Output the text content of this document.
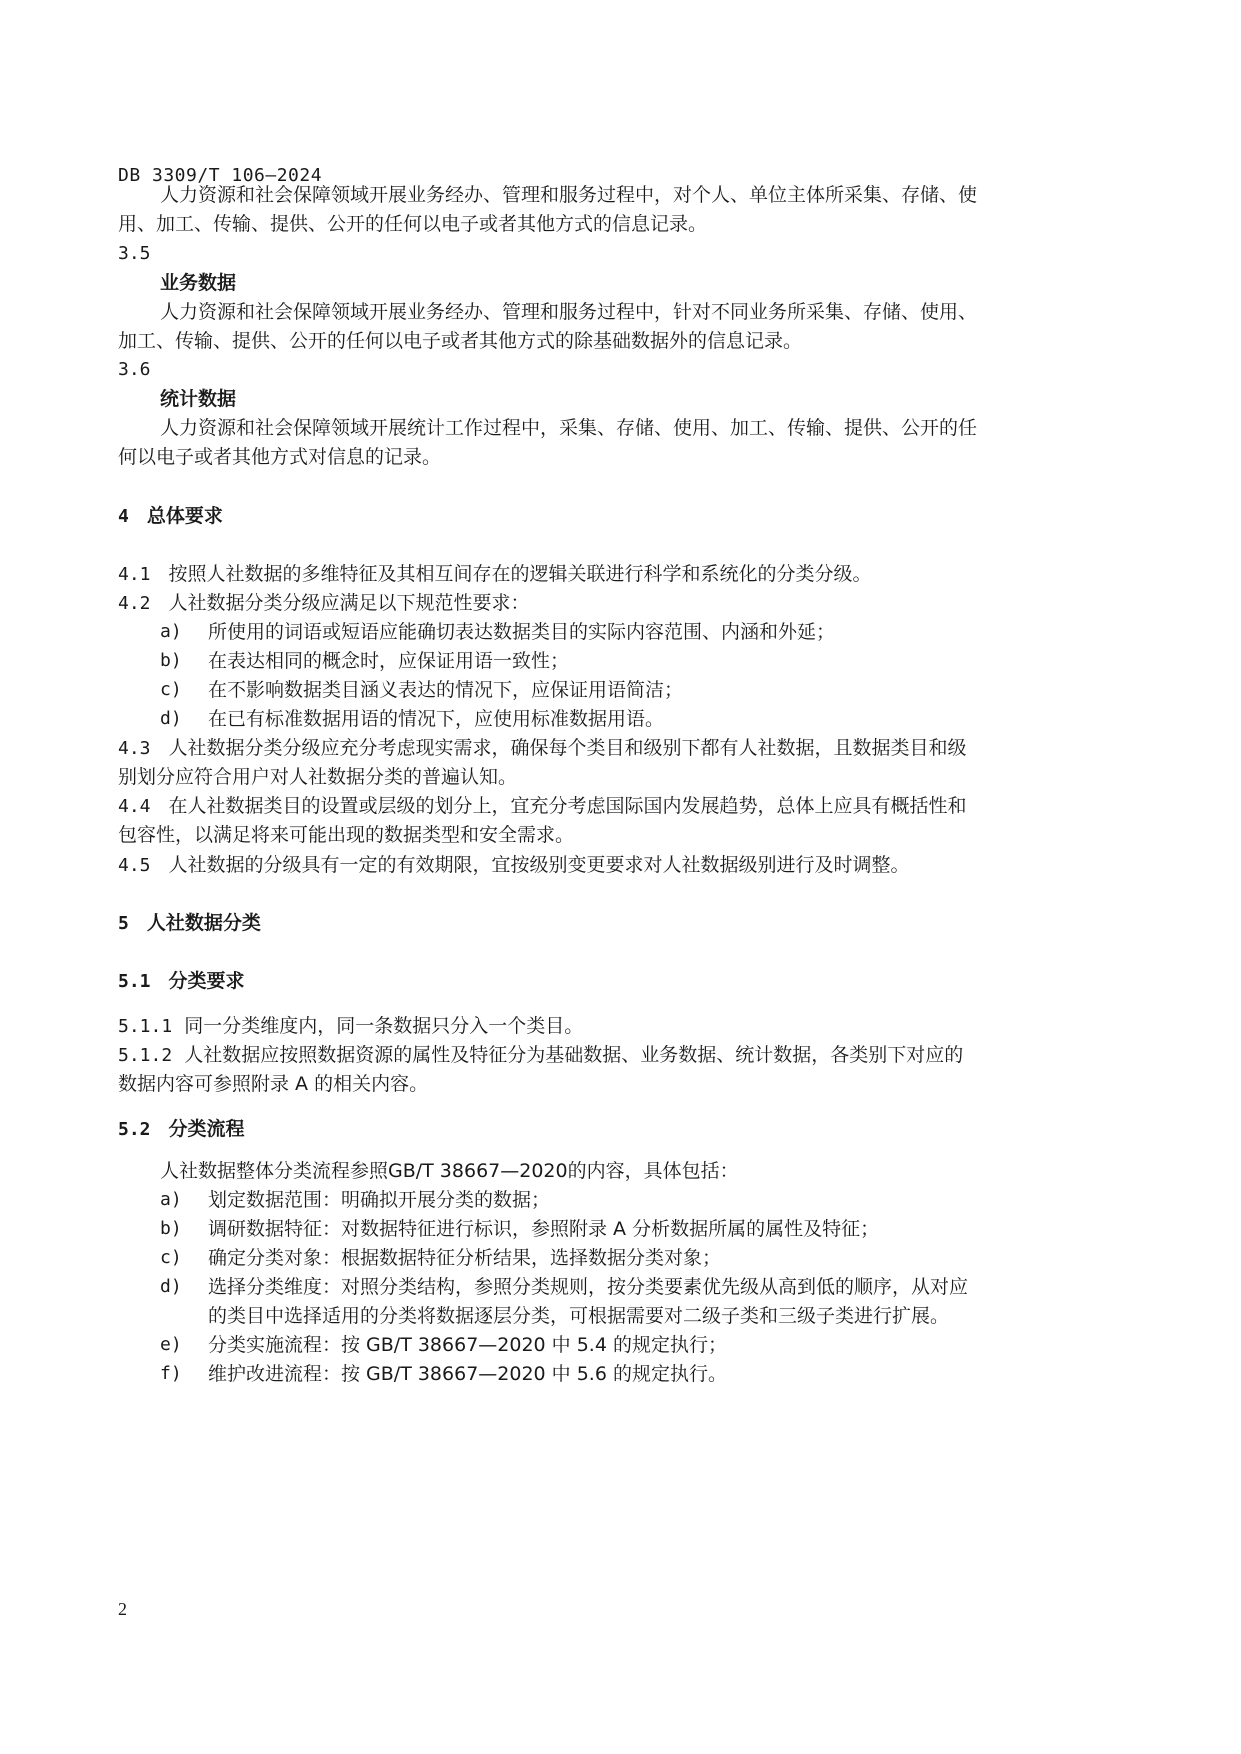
DB 3309/T 106—2024
人力资源和社会保障领域开展业务经办、管理和服务过程中，对个人、单位主体所采集、存储、使
用、加工、传输、提供、公开的任何以电子或者其他方式的信息记录。
3.5
业务数据
人力资源和社会保障领域开展业务经办、管理和服务过程中，针对不同业务所采集、存储、使用、
加工、传输、提供、公开的任何以电子或者其他方式的除基础数据外的信息记录。
3.6
统计数据
人力资源和社会保障领域开展统计工作过程中，采集、存储、使用、加工、传输、提供、公开的任
何以电子或者其他方式对信息的记录。
4 总体要求
4.1 按照人社数据的多维特征及其相互间存在的逻辑关联进行科学和系统化的分类分级。
4.2 人社数据分类分级应满足以下规范性要求：
a) 所使用的词语或短语应能确切表达数据类目的实际内容范围、内涵和外延；
b) 在表达相同的概念时，应保证用语一致性；
c) 在不影响数据类目涵义表达的情况下，应保证用语简洁；
d) 在已有标准数据用语的情况下，应使用标准数据用语。
4.3 人社数据分类分级应充分考虑现实需求，确保每个类目和级别下都有人社数据，且数据类目和级
别划分应符合用户对人社数据分类的普遍认知。
4.4 在人社数据类目的设置或层级的划分上，宜充分考虑国际国内发展趋势，总体上应具有概括性和
包容性，以满足将来可能出现的数据类型和安全需求。
4.5 人社数据的分级具有一定的有效期限，宜按级别变更要求对人社数据级别进行及时调整。
5 人社数据分类
5.1 分类要求
5.1.1 同一分类维度内，同一条数据只分入一个类目。
5.1.2 人社数据应按照数据资源的属性及特征分为基础数据、业务数据、统计数据，各类别下对应的
数据内容可参照附录 A 的相关内容。
5.2 分类流程
人社数据整体分类流程参照GB/T 38667—2020的内容，具体包括：
a) 划定数据范围：明确拟开展分类的数据；
b) 调研数据特征：对数据特征进行标识，参照附录 A 分析数据所属的属性及特征；
c) 确定分类对象：根据数据特征分析结果，选择数据分类对象；
d) 选择分类维度：对照分类结构，参照分类规则，按分类要素优先级从高到低的顺序，从对应
的类目中选择适用的分类将数据逐层分类，可根据需要对二级子类和三级子类进行扩展。
e) 分类实施流程：按 GB/T 38667—2020 中 5.4 的规定执行；
f) 维护改进流程：按 GB/T 38667—2020 中 5.6 的规定执行。
2
